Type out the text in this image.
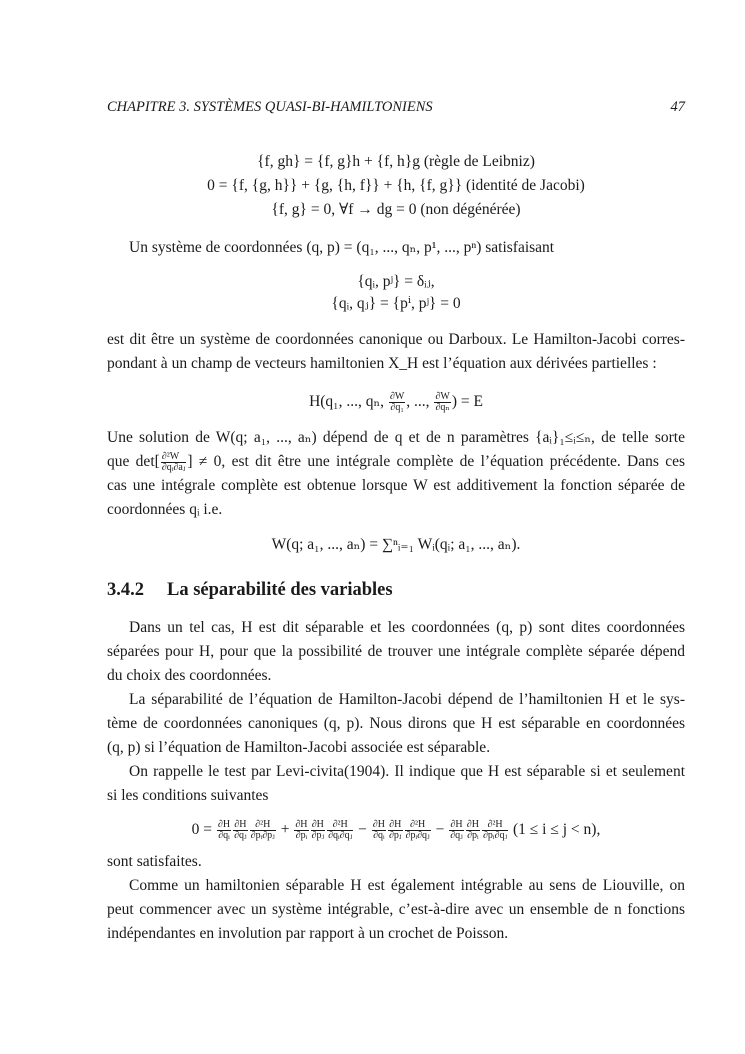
CHAPITRE 3. SYSTÈMES QUASI-BI-HAMILTONIENS	47
{f, gh} = {f, g}h + {f, h}g (règle de Leibniz)
0 = {f, {g, h}} + {g, {h, f}} + {h, {f, g}} (identité de Jacobi)
{f, g} = 0, ∀f → dg = 0 (non dégénérée)
Un système de coordonnées (q, p) = (q₁, ..., qₙ, p¹, ..., pⁿ) satisfaisant
{qᵢ, pʲ} = δᵢⱼ,
{qᵢ, qⱼ} = {pⁱ, pʲ} = 0
est dit être un système de coordonnées canonique ou Darboux. Le Hamilton-Jacobi corres-
pondant à un champ de vecteurs hamiltonien X_H est l’équation aux dérivées partielles :
H(q₁, ..., qₙ, $\frac{\partial W}{\text{∂q₁}}$ , ..., $\frac{\partial W}{\text{∂qₙ}}$ ) = E
Une solution de W(q; a₁, ..., aₙ) dépend de q et de n paramètres {aᵢ}₁≤ᵢ≤ₙ, de telle sorte
que $\det[ \frac{\text{∂²W}}{\text{∂qᵢ∂aⱼ}}$ ] ≠ 0, est dit être une intégrale complète de l’équation précédente. Dans ces
cas une intégrale complète est obtenue lorsque W est additivement la fonction séparée de
coordonnées qᵢ i.e.
W(q; a₁, ..., aₙ) = ∑ⁿᵢ₌₁ Wᵢ(qᵢ; a₁, ..., aₙ).
3.4.2 La séparabilité des variables
Dans un tel cas, H est dit séparable et les coordonnées (q, p) sont dites coordonnées
séparées pour H, pour que la possibilité de trouver une intégrale complète séparée dépend
du choix des coordonnées.
La séparabilité de l’équation de Hamilton-Jacobi dépend de l’hamiltonien H et le sys-
tème de coordonnées canoniques (q, p). Nous dirons que H est séparable en coordonnées
(q, p) si l’équation de Hamilton-Jacobi associée est séparable.
On rappelle le test par Levi-civita(1904). Il indique que H est séparable si et seulement
si les conditions suivantes
$0 = \frac{\partial H}{\text{∂qᵢ}} \frac{\partial H}{\text{∂qⱼ}} \frac{\text{∂²H}}{\text{∂pᵢ∂pⱼ}} + \frac{\partial H}{\text{∂pᵢ}} \frac{\partial H}{\text{∂pⱼ}} \frac{\text{∂²H}}{\text{∂qᵢ∂qⱼ}} - \frac{\partial H}{\text{∂qᵢ}} \frac{\partial H}{\text{∂pⱼ}} \frac{\text{∂²H}}{\text{∂pᵢ∂qⱼ}} - \frac{\partial H}{\text{∂qⱼ}} \frac{\partial H}{\text{∂pᵢ}} \frac{\text{∂²H}}{\text{∂pᵢ∂qⱼ}} (1 \le i \le j < n)$,
sont satisfaites.
Comme un hamiltonien séparable H est également intégrable au sens de Liouville, on
peut commencer avec un système intégrable, c’est-à-dire avec un ensemble de n fonctions
indépendantes en involution par rapport à un crochet de Poisson.
